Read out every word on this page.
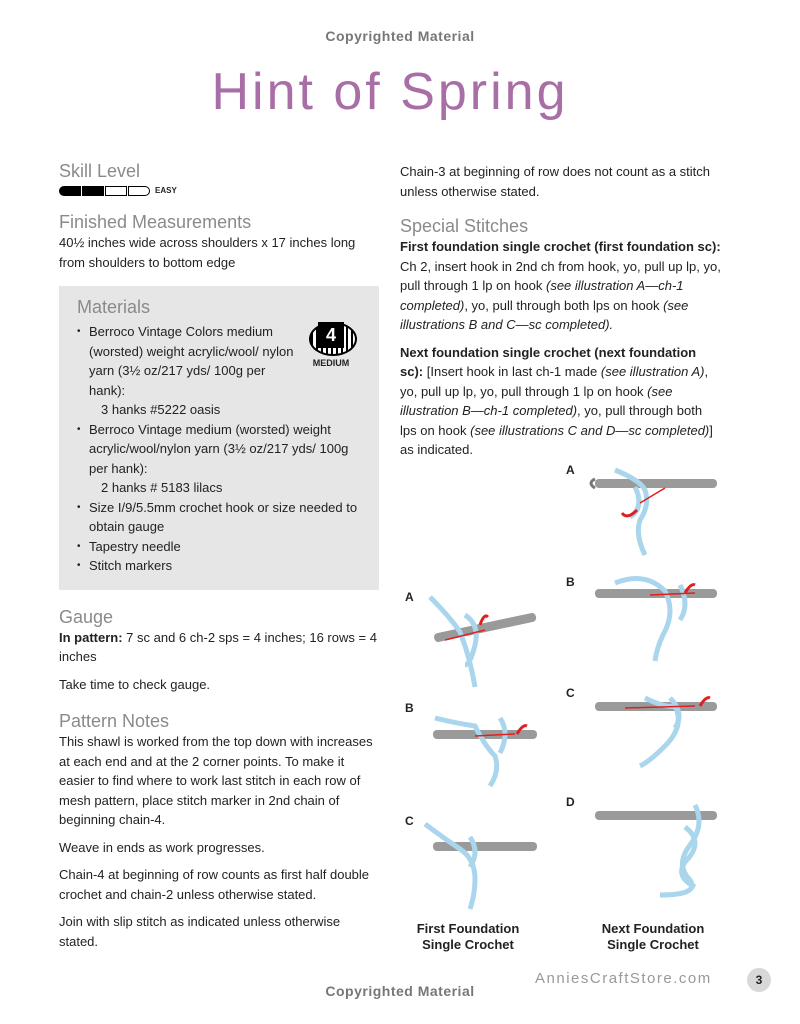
Copyrighted Material
Hint of Spring
Skill Level
EASY
Finished Measurements

40½ inches wide across shoulders x 17 inches long from shoulders to bottom edge

Materials
4
MEDIUM
• Berroco Vintage Colors medium (worsted) weight acrylic/wool/ nylon yarn (3½ oz/217 yds/ 100g per hank):
3 hanks #5222 oasis
• Berroco Vintage medium (worsted) weight acrylic/wool/nylon yarn (3½ oz/217 yds/ 100g per hank):
2 hanks # 5183 lilacs
• Size I/9/5.5mm crochet hook or size needed to obtain gauge
• Tapestry needle
• Stitch markers
Gauge

In pattern: 7 sc and 6 ch-2 sps = 4 inches; 16 rows = 4 inches

Take time to check gauge.

Pattern Notes

This shawl is worked from the top down with increases at each end and at the 2 corner points. To make it easier to find where to work last stitch in each row of mesh pattern, place stitch marker in 2nd chain of beginning chain-4.

Weave in ends as work progresses.

Chain-4 at beginning of row counts as first half double crochet and chain-2 unless otherwise stated.

Join with slip stitch as indicated unless otherwise stated.

Chain-3 at beginning of row does not count as a stitch unless otherwise stated.

Special Stitches

First foundation single crochet (first foundation sc): Ch 2, insert hook in 2nd ch from hook, yo, pull up lp, yo, pull through 1 lp on hook (see illustration A—ch-1 completed), yo, pull through both lps on hook (see illustrations B and C—sc completed).

Next foundation single crochet (next foundation sc): [Insert hook in last ch-1 made (see illustration A), yo, pull up lp, yo, pull through 1 lp on hook (see illustration B—ch-1 completed), yo, pull through both lps on hook (see illustrations C and D—sc completed)] as indicated.

A
B
C
D
A
B
C
First Foundation Single Crochet
Next Foundation Single Crochet
AnniesCraftStore.com	3
Copyrighted Material
